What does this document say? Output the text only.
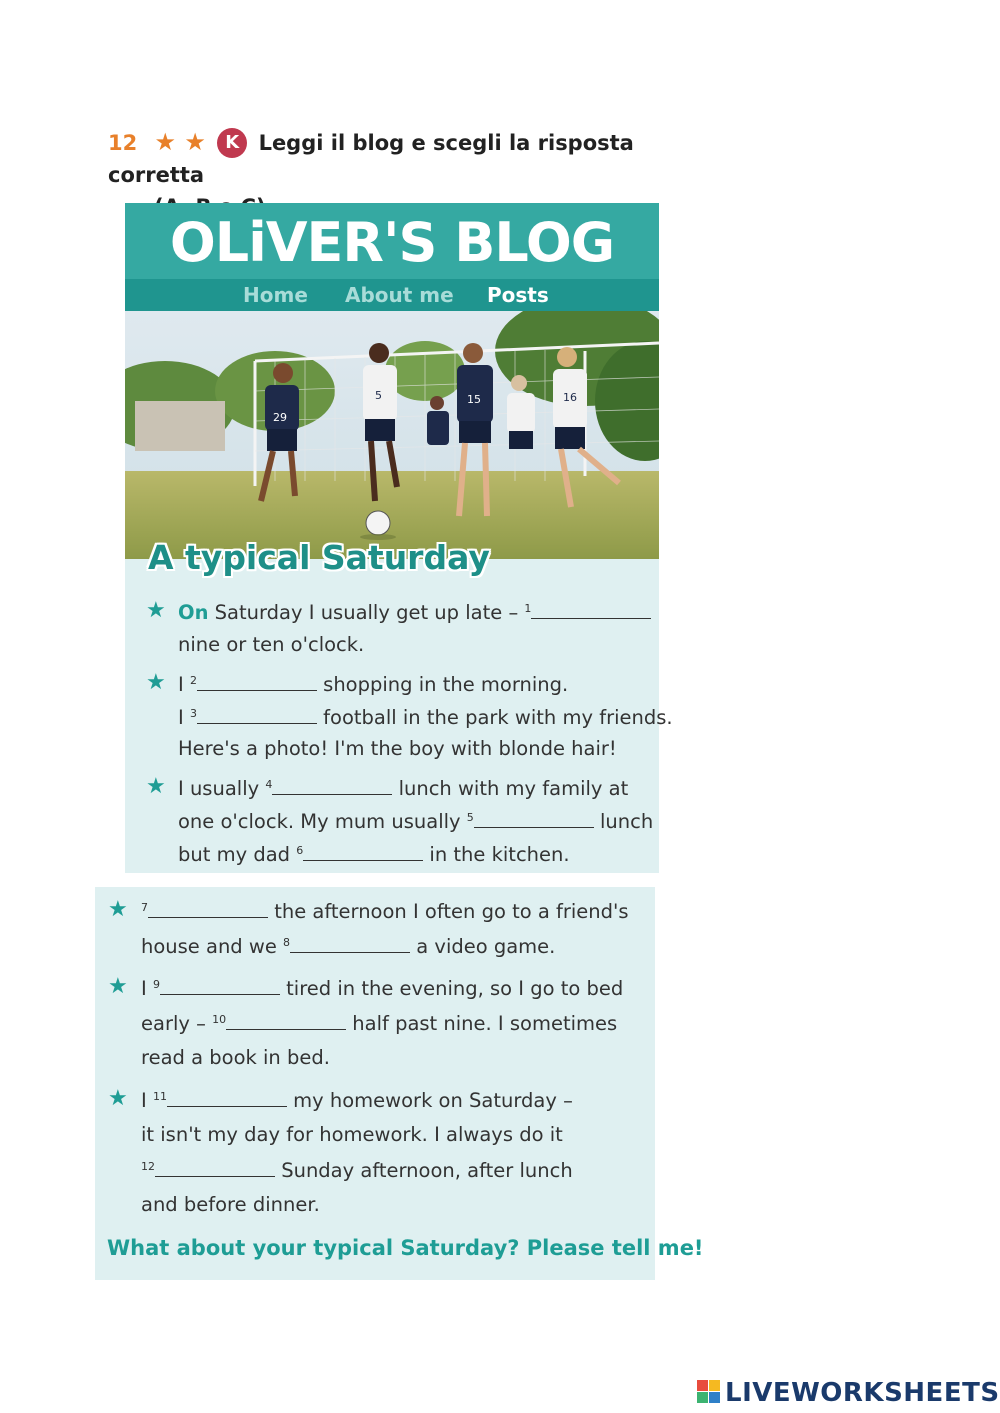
12 ★ ★ K Leggi il blog e scegli la risposta corretta

OLiVER'S BLOG
Home About me Posts
29
5	15	16
A typical Saturday
★ On Saturday I usually get up late – $^1$
nine or ten o'clock.
★ I $^2$	shopping in the morning.
I $^3$	football in the park with my friends.
Here's a photo! I'm the boy with blonde hair!
★ I usually $^4$	lunch with my family at
one o'clock. My mum usually $^5$	lunch
but my dad $^6$	in the kitchen.
★ $^7$	the afternoon I often go to a friend's
house and we $^8$	a video game.
★ I $^9$	tired in the evening, so I go to bed
early – $^{10}$	half past nine. I sometimes
read a book in bed.
★ I $^{11}$	my homework on Saturday –
it isn't my day for homework. I always do it
$^{12}$	Sunday afternoon, after lunch
and before dinner.
What about your typical Saturday? Please tell me!
LIVEWORKSHEETS
